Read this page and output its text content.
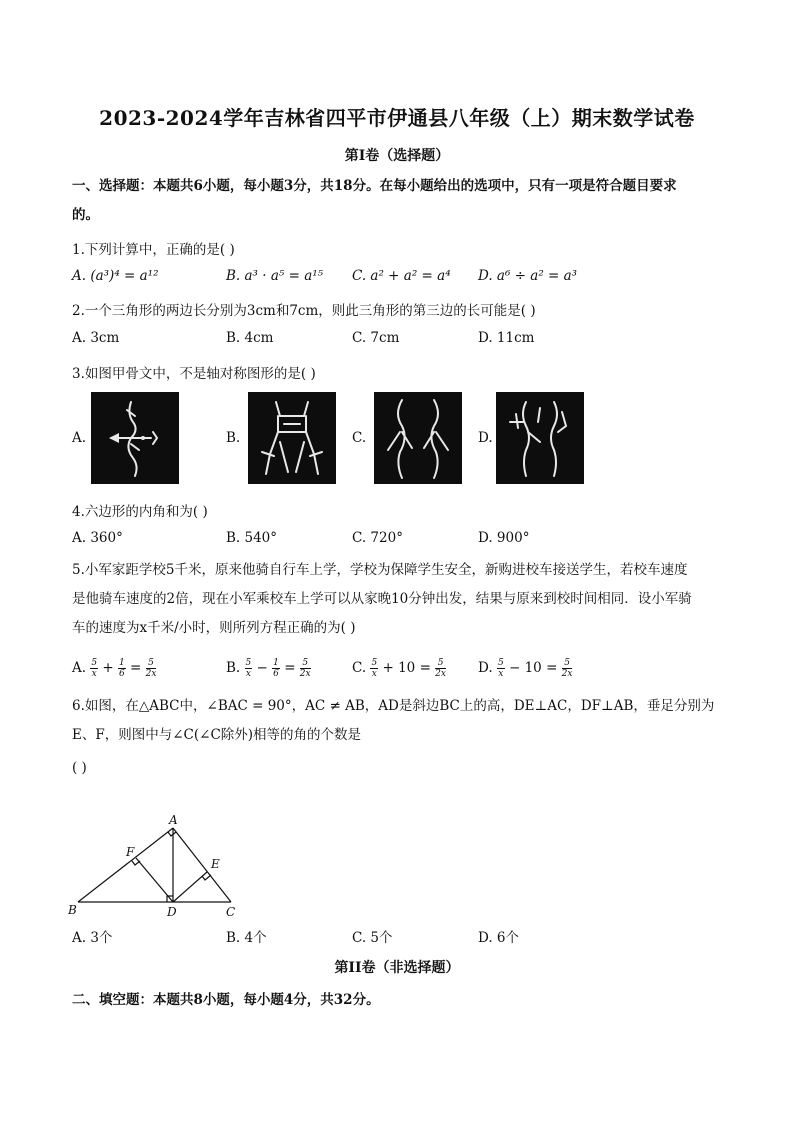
2023-2024学年吉林省四平市伊通县八年级（上）期末数学试卷
第I卷（选择题）
一、选择题：本题共6小题，每小题3分，共18分。在每小题给出的选项中，只有一项是符合题目要求
的。
1.下列计算中，正确的是( )
A. (a³)⁴ = a¹²	B. a³ · a⁵ = a¹⁵ C. a² + a² = a⁴ D. a⁶ ÷ a² = a³
2.一个三角形的两边长分别为3cm和7cm，则此三角形的第三边的长可能是( )
A. 3cm	B. 4cm	C. 7cm	D. 11cm
3.如图甲骨文中，不是轴对称图形的是( )
A.	B.	C.	D.
4.六边形的内角和为( )
A. 360°	B. 540°	C. 720°	D. 900°
5.小军家距学校5千米，原来他骑自行车上学，学校为保障学生安全，新购进校车接送学生，若校车速度
是他骑车速度的2倍，现在小军乘校车上学可以从家晚10分钟出发，结果与原来到校时间相同．设小军骑
车的速度为x千米/小时，则所列方程正确的为( )
A. $\frac{5}{x} + \frac{1}{6} = \frac{5}{2x}$	B. $\frac{5}{x} - \frac{1}{6} = \frac{5}{2x}$	C. $\frac{5}{x} + 10 = \frac{5}{2x} D$. $\frac{5}{x} - 10 = \frac{5}{2x}$
6.如图，在△ABC中，∠BAC = 90°，AC ≠ AB，AD是斜边BC上的高，DE⊥AC，DF⊥AB，垂足分别为
E、F，则图中与∠C(∠C除外)相等的角的个数是
( )
A
B	C
D
E
F
A. 3个	B. 4个	C. 5个	D. 6个
第II卷（非选择题）
二、填空题：本题共8小题，每小题4分，共32分。
